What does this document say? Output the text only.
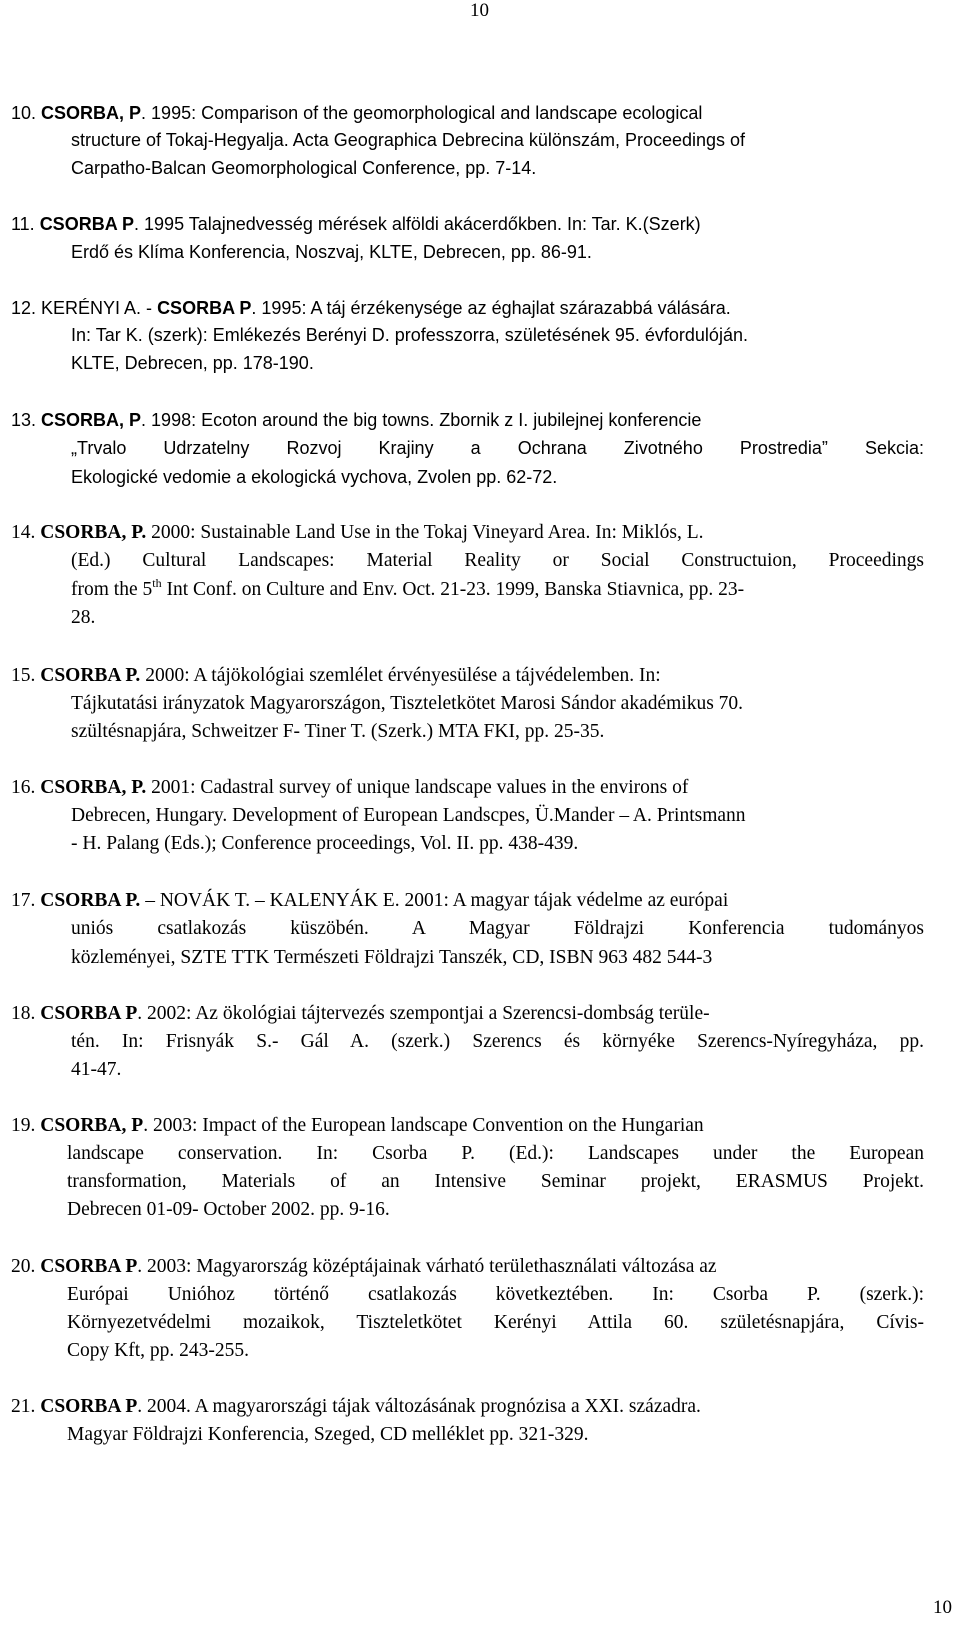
10
10. CSORBA, P. 1995: Comparison of the geomorphological and landscape ecological
structure of Tokaj-Hegyalja. Acta Geographica Debrecina különszám, Proceedings of
Carpatho-Balcan Geomorphological Conference, pp. 7-14.
11. CSORBA P. 1995 Talajnedvesség mérések alföldi akácerdőkben. In: Tar. K.(Szerk)
Erdő és Klíma Konferencia, Noszvaj, KLTE, Debrecen, pp. 86-91.
12. KERÉNYI A. - CSORBA P. 1995: A táj érzékenysége az éghajlat szárazabbá válására.
In: Tar K. (szerk): Emlékezés Berényi D. professzorra, születésének 95. évfordulóján.
KLTE, Debrecen, pp. 178-190.
13. CSORBA, P. 1998: Ecoton around the big towns. Zbornik z I. jubilejnej konferencie
„Trvalo Udrzatelny Rozvoj Krajiny a Ochrana Zivotného Prostredia” Sekcia:
Ekologické vedomie a ekologická vychova, Zvolen pp. 62-72.
14. CSORBA, P. 2000: Sustainable Land Use in the Tokaj Vineyard Area. In: Miklós, L.
(Ed.) Cultural Landscapes: Material Reality or Social Constructuion, Proceedings
from the 5th Int Conf. on Culture and Env. Oct. 21-23. 1999, Banska Stiavnica, pp. 23-
28.
15. CSORBA P. 2000: A tájökológiai szemlélet érvényesülése a tájvédelemben. In:
Tájkutatási irányzatok Magyarországon, Tiszteletkötet Marosi Sándor akadémikus 70.
szültésnapjára, Schweitzer F- Tiner T. (Szerk.) MTA FKI, pp. 25-35.
16. CSORBA, P. 2001: Cadastral survey of unique landscape values in the environs of
Debrecen, Hungary. Development of European Landscpes, Ü.Mander – A. Printsmann
- H. Palang (Eds.); Conference proceedings, Vol. II. pp. 438-439.
17. CSORBA P. – NOVÁK T. – KALENYÁK E. 2001: A magyar tájak védelme az európai
uniós csatlakozás küszöbén. A Magyar Földrajzi Konferencia tudományos
közleményei, SZTE TTK Természeti Földrajzi Tanszék, CD, ISBN 963 482 544-3
18. CSORBA P. 2002: Az ökológiai tájtervezés szempontjai a Szerencsi-dombság terüle-
tén. In: Frisnyák S.- Gál A. (szerk.) Szerencs és környéke Szerencs-Nyíregyháza, pp.
41-47.
19. CSORBA, P. 2003: Impact of the European landscape Convention on the Hungarian
landscape conservation. In: Csorba P. (Ed.): Landscapes under the European
transformation, Materials of an Intensive Seminar projekt, ERASMUS Projekt.
Debrecen 01-09- October 2002. pp. 9-16.
20. CSORBA P. 2003: Magyarország középtájainak várható területhasználati változása az
Európai Unióhoz történő csatlakozás következtében. In: Csorba P. (szerk.):
Környezetvédelmi mozaikok, Tiszteletkötet Kerényi Attila 60. születésnapjára, Cívis-
Copy Kft, pp. 243-255.
21. CSORBA P. 2004. A magyarországi tájak változásának prognózisa a XXI. századra.
Magyar Földrajzi Konferencia, Szeged, CD melléklet pp. 321-329.
10
